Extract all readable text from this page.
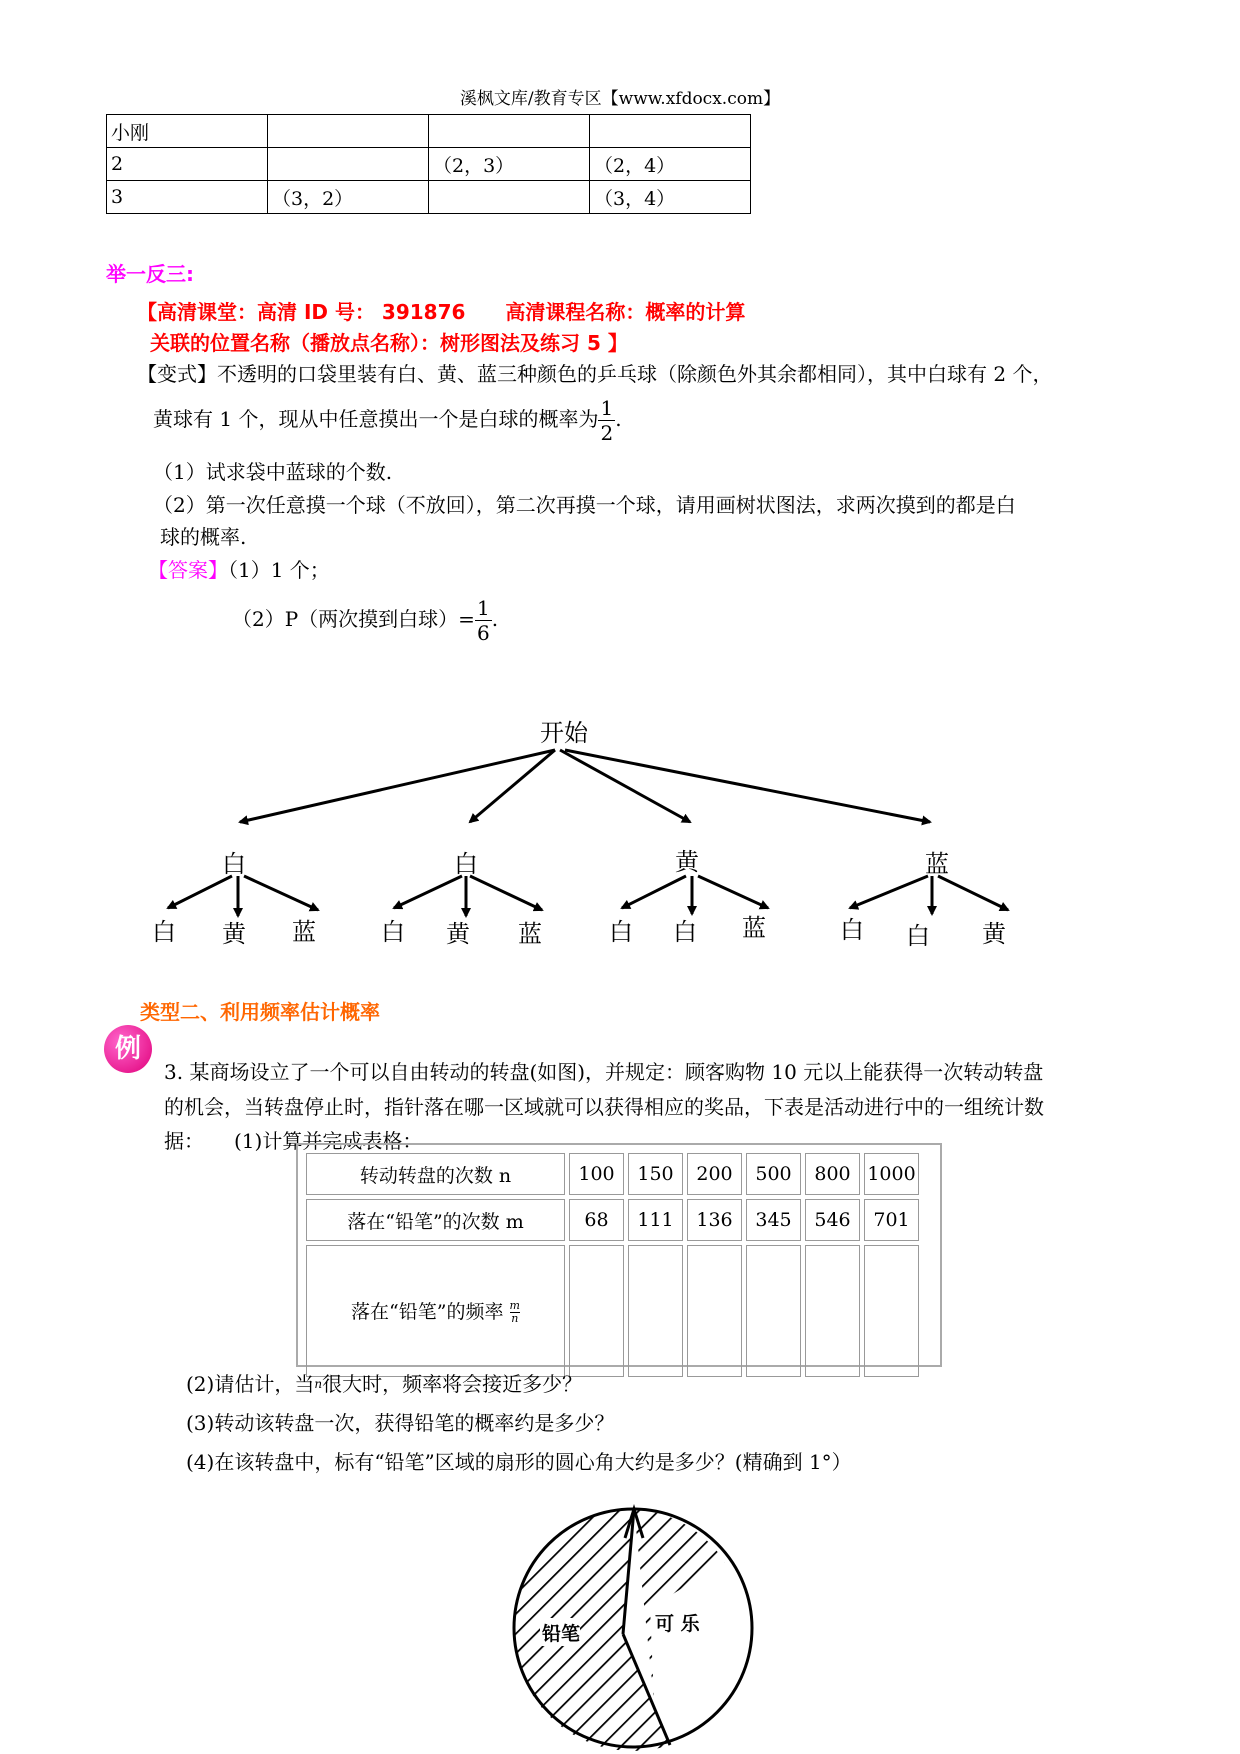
溪枫文库/教育专区【www.xfdocx.com】
小刚			
2		（2，3）	（2，4）
3	（3，2）		（3，4）
举一反三:
【高清课堂：高清 ID 号： 391876　　高清课程名称：概率的计算
关联的位置名称（播放点名称）：树形图法及练习 5 】
【变式】不透明的口袋里装有白、黄、蓝三种颜色的乒乓球（除颜色外其余都相同），其中白球有 2 个，
黄球有 1 个，现从中任意摸出一个是白球的概率为 $\frac{1}{2}$ .
（1）试求袋中蓝球的个数.
（2）第一次任意摸一个球（不放回），第二次再摸一个球，请用画树状图法，求两次摸到的都是白
球的概率.
【答案】（1）1 个；
（2）P（两次摸到白球）= $\frac{1}{6}$ .
开始
白	白	黄	蓝
白 黄 蓝	白 黄 蓝	白 白 蓝	白 白 黄
类型二、利用频率估计概率
例
3. 某商场设立了一个可以自由转动的转盘(如图)，并规定：顾客购物 10 元以上能获得一次转动转盘
的机会，当转盘停止时，指针落在哪一区域就可以获得相应的奖品，下表是活动进行中的一组统计数
据：　　(1)计算并完成表格：
转动转盘的次数 n	100	150	200	500	800	1000
落在“铅笔”的次数 m	68	111	136	345	546	701
落在“铅笔”的频率 $\frac{m}{n}$						
(2)请估计，当$^n$很大时，频率将会接近多少？
(3)转动该转盘一次，获得铅笔的概率约是多少？
(4)在该转盘中，标有“铅笔”区域的扇形的圆心角大约是多少？(精确到 1°）
铅笔	可 乐
